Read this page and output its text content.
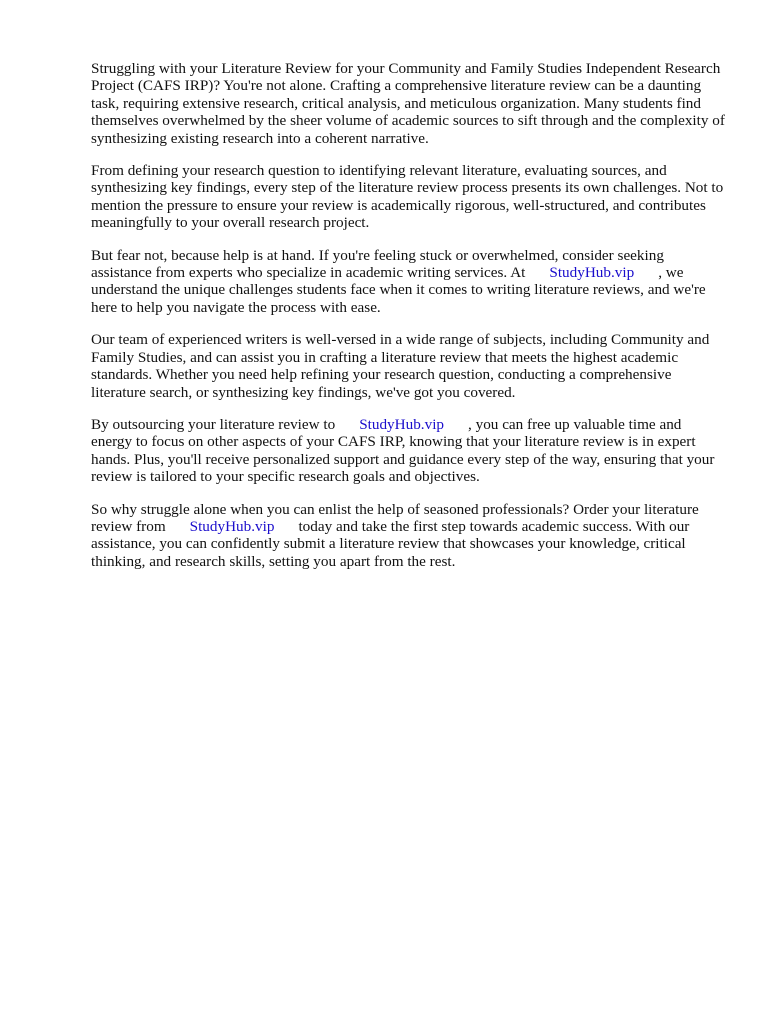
Struggling with your Literature Review for your Community and Family Studies Independent Research Project (CAFS IRP)? You're not alone. Crafting a comprehensive literature review can be a daunting task, requiring extensive research, critical analysis, and meticulous organization. Many students find themselves overwhelmed by the sheer volume of academic sources to sift through and the complexity of synthesizing existing research into a coherent narrative.

From defining your research question to identifying relevant literature, evaluating sources, and synthesizing key findings, every step of the literature review process presents its own challenges. Not to mention the pressure to ensure your review is academically rigorous, well-structured, and contributes meaningfully to your overall research project.

But fear not, because help is at hand. If you're feeling stuck or overwhelmed, consider seeking assistance from experts who specialize in academic writing services. At StudyHub.vip , we understand the unique challenges students face when it comes to writing literature reviews, and we're here to help you navigate the process with ease.

Our team of experienced writers is well-versed in a wide range of subjects, including Community and Family Studies, and can assist you in crafting a literature review that meets the highest academic standards. Whether you need help refining your research question, conducting a comprehensive literature search, or synthesizing key findings, we've got you covered.

By outsourcing your literature review to StudyHub.vip , you can free up valuable time and energy to focus on other aspects of your CAFS IRP, knowing that your literature review is in expert hands. Plus, you'll receive personalized support and guidance every step of the way, ensuring that your review is tailored to your specific research goals and objectives.

So why struggle alone when you can enlist the help of seasoned professionals? Order your literature review from StudyHub.vip today and take the first step towards academic success. With our assistance, you can confidently submit a literature review that showcases your knowledge, critical thinking, and research skills, setting you apart from the rest.
